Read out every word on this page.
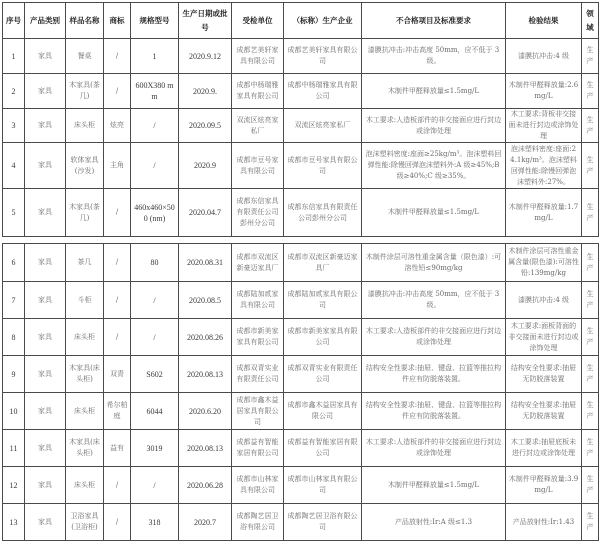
序号	产品类别	样品名称	商标	规格型号	生产日期或批号	受检单位	（标称）生产企业	不合格项目及标准要求	检验结果	领域
1	家具	餐桌	/	1	2020.9.12	成都艺美轩家具有限公司	成都艺美轩家具有限公司	漆膜抗冲击:冲击高度 50mm，应不低于 3 级。	漆膜抗冲击:4 级	生产
2	家具	木家具(茶几)	/	600X380 mm	2020.9.	成都中杨瑞雅家具有限公司	成都中杨瑞雅家具有限公司	木制件甲醛释放量≤1.5mg/L	木制件甲醛释放量:2.6mg/L	生产
3	家具	床头柜	炫亮	/	2020.09.5	双流区炫亮家私厂	双流区炫亮家私厂	木工要求:人造板部件的非交接面应进行封边或涂饰处理	木工要求:背板非交接面未进行封边或涂饰处理	生产
4	家具	软体家具(沙发)	主角	/	2020.9	成都市豆号家具有限公司	成都市豆号家具有限公司	泡沫塑料密度:座面≥25kg/m³。泡沫塑料回弹性能:除慢回弹泡沫塑料外:A 级≥45%;B 级≥40%;C 级≥35%。	泡沫塑料密度:座面:24.1kg/m³。泡沫塑料回弹性能:除慢回弹泡沫塑料外:27%。	生产
5	家具	木家具(茶几)	/	460x460×500 (nm)	2020.04.7	成都东信家具有限责任公司彭州分公司	成都东信家具有限责任公司彭州分公司	木制件甲醛释放量≤1.5mg/L	木制件甲醛释放量:1.7mg/L	生产
6	家具	茶几	/	80	2020.08.31	成都市双流区新豪迈家具厂	成都市双流区新豪迈家具厂	木制件涂层可溶性重金属含量（限色漆）:可溶性铅≤90mg/kg	木制件涂层可溶性重金属含量(限色漆):可溶性铅:139mg/kg	生产
7	家具	斗柜	/	/	2020.08.5	成都陆加贰家具有限公司	成都陆加贰家具有限公司	漆膜抗冲击:冲击高度 50mm，应不低于 3 级。	漆膜抗冲击:4 级	生产
8	家具	床头柜	/	/	2020.08.26	成都市新美家家具有限公司	成都市新美家家具有限公司	木工要求:人造板部件的非交接面应进行封边或涂饰处理	木工要求:面板背面的非交接面未进行封边或涂饰处理	生产
9	家具	木家具(床头柜)	双青	S602	2020.08.13	成都双青实业有限责任公司	成都双青实业有限责任公司	结构安全性要求:抽屉、键盘、拉篮等推拉构件应有防脱落装置。	结构安全性要求:抽屉无防脱落装置	生产
10	家具	床头柜	希尔柏庭	6044	2020.6.20	成都市鑫木益居家具有限公司	成都市鑫木益居家具有限公司	结构安全性要求:抽屉、键盘、拉篮等推拉构件应有防脱落装置。	结构安全性要求:抽屉无防脱落装置	生产
11	家具	木家具(床头柜)	益有	3019	2020.08.13	成都益有智能家居有限公司	成都益有智能家居有限公司	木工要求:人造板部件的非交接面应进行封边或涂饰处理	木工要求:抽屉底板未进行封边或涂饰处理	生产
12	家具	床头柜	/	/	2020.06.28	成都市山林家具有限公司	成都市山林家具有限公司	木制件甲醛释放量≤1.5mg/L	木制件甲醛释放量:3.9mg/L	生产
13	家具	卫浴家具(卫浴柜)	/	318	2020.7	成都陶艺居卫浴有限公司	成都陶艺居卫浴有限公司	产品放射性:Ir:A 级≤1.3	产品放射性:Ir:1.43	生产
